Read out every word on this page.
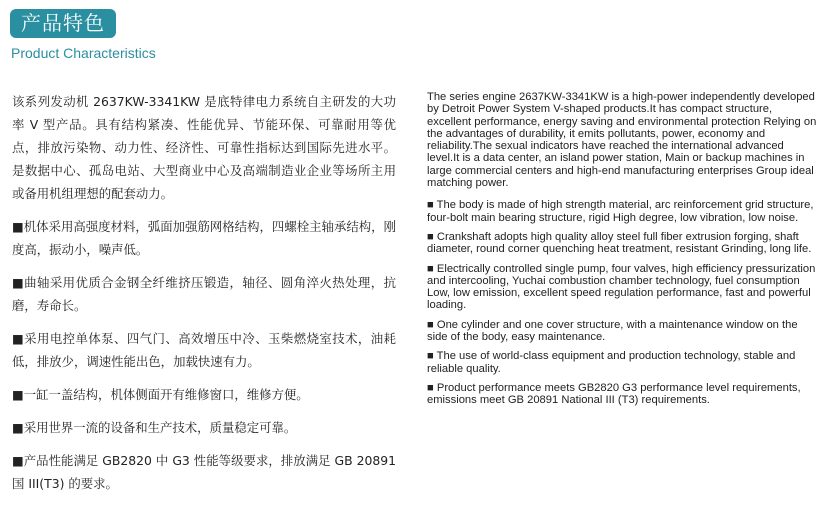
产品特色
Product Characteristics

该系列发动机 2637KW-3341KW 是底特律电力系统自主研发的大功率 V 型产品。具有结构紧凑、性能优异、节能环保、可靠耐用等优点，排放污染物、动力性、经济性、可靠性指标达到国际先进水平。是数据中心、孤岛电站、大型商业中心及高端制造业企业等场所主用或备用机组理想的配套动力。

■机体采用高强度材料，弧面加强筋网格结构，四螺栓主轴承结构，刚度高，振动小，噪声低。

■曲轴采用优质合金钢全纤维挤压锻造，轴径、圆角淬火热处理，抗磨，寿命长。

■采用电控单体泵、四气门、高效增压中冷、玉柴燃烧室技术，油耗低，排放少，调速性能出色，加载快速有力。

■一缸一盖结构，机体侧面开有维修窗口，维修方便。

■采用世界一流的设备和生产技术，质量稳定可靠。

■产品性能满足 GB2820 中 G3 性能等级要求，排放满足 GB 20891 国 III(T3) 的要求。

The series engine 2637KW-3341KW is a high-power independently developed by Detroit Power System V-shaped products.It has compact structure, excellent performance, energy saving and environmental protection Relying on the advantages of durability, it emits pollutants, power, economy and reliability.The sexual indicators have reached the international advanced level.It is a data center, an island power station, Main or backup machines in large commercial centers and high-end manufacturing enterprises Group ideal matching power.

■ The body is made of high strength material, arc reinforcement grid structure, four-bolt main bearing structure, rigid High degree, low vibration, low noise.

■ Crankshaft adopts high quality alloy steel full fiber extrusion forging, shaft diameter, round corner quenching heat treatment, resistant Grinding, long life.

■ Electrically controlled single pump, four valves, high efficiency pressurization and intercooling, Yuchai combustion chamber technology, fuel consumption Low, low emission, excellent speed regulation performance, fast and powerful loading.

■ One cylinder and one cover structure, with a maintenance window on the side of the body, easy maintenance.

■ The use of world-class equipment and production technology, stable and reliable quality.

■ Product performance meets GB2820 G3 performance level requirements, emissions meet GB 20891 National III (T3) requirements.
